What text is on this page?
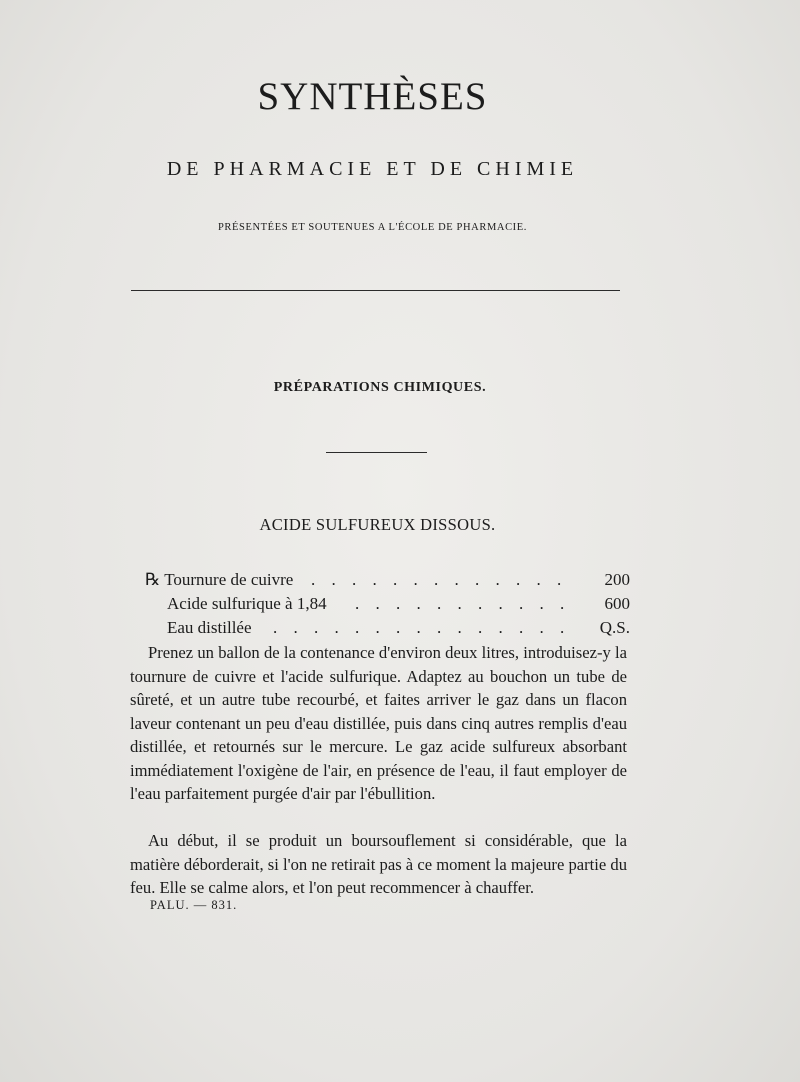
SYNTHÈSES
DE PHARMACIE ET DE CHIMIE
PRÉSENTÉES ET SOUTENUES A L'ÉCOLE DE PHARMACIE.
PRÉPARATIONS CHIMIQUES.
ACIDE SULFUREUX DISSOUS.
℞ Tournure de cuivre . . . . . . . . . . . . .	200
Acide sulfurique à 1,84 . . . . . . . . . . .	600
Eau distillée . . . . . . . . . . . . . . .	Q.S.
Prenez un ballon de la contenance d'environ deux litres, introduisez-y la tournure de cuivre et l'acide sulfurique. Adaptez au bouchon un tube de sûreté, et un autre tube recourbé, et faites arriver le gaz dans un flacon laveur contenant un peu d'eau distillée, puis dans cinq autres remplis d'eau distillée, et retournés sur le mercure. Le gaz acide sulfureux absorbant immédiatement l'oxigène de l'air, en présence de l'eau, il faut employer de l'eau parfaitement purgée d'air par l'ébullition.
Au début, il se produit un boursouflement si considérable, que la matière déborderait, si l'on ne retirait pas à ce moment la majeure partie du feu. Elle se calme alors, et l'on peut recommencer à chauffer.
PALU. — 831.
